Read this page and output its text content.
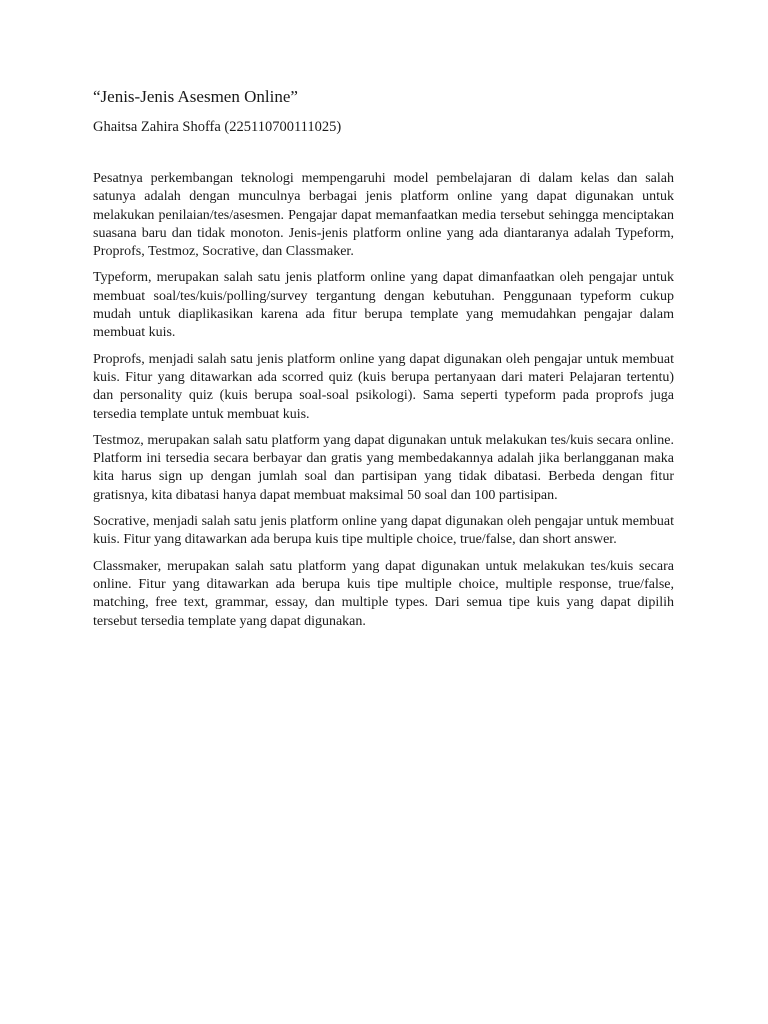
“Jenis-Jenis Asesmen Online”
Ghaitsa Zahira Shoffa (225110700111025)

Pesatnya perkembangan teknologi mempengaruhi model pembelajaran di dalam kelas dan salah satunya adalah dengan munculnya berbagai jenis platform online yang dapat digunakan untuk melakukan penilaian/tes/asesmen. Pengajar dapat memanfaatkan media tersebut sehingga menciptakan suasana baru dan tidak monoton. Jenis-jenis platform online yang ada diantaranya adalah Typeform, Proprofs, Testmoz, Socrative, dan Classmaker.

Typeform, merupakan salah satu jenis platform online yang dapat dimanfaatkan oleh pengajar untuk membuat soal/tes/kuis/polling/survey tergantung dengan kebutuhan. Penggunaan typeform cukup mudah untuk diaplikasikan karena ada fitur berupa template yang memudahkan pengajar dalam membuat kuis.

Proprofs, menjadi salah satu jenis platform online yang dapat digunakan oleh pengajar untuk membuat kuis. Fitur yang ditawarkan ada scorred quiz (kuis berupa pertanyaan dari materi Pelajaran tertentu) dan personality quiz (kuis berupa soal-soal psikologi). Sama seperti typeform pada proprofs juga tersedia template untuk membuat kuis.

Testmoz, merupakan salah satu platform yang dapat digunakan untuk melakukan tes/kuis secara online. Platform ini tersedia secara berbayar dan gratis yang membedakannya adalah jika berlangganan maka kita harus sign up dengan jumlah soal dan partisipan yang tidak dibatasi. Berbeda dengan fitur gratisnya, kita dibatasi hanya dapat membuat maksimal 50 soal dan 100 partisipan.

Socrative, menjadi salah satu jenis platform online yang dapat digunakan oleh pengajar untuk membuat kuis. Fitur yang ditawarkan ada berupa kuis tipe multiple choice, true/false, dan short answer.

Classmaker, merupakan salah satu platform yang dapat digunakan untuk melakukan tes/kuis secara online. Fitur yang ditawarkan ada berupa kuis tipe multiple choice, multiple response, true/false, matching, free text, grammar, essay, dan multiple types. Dari semua tipe kuis yang dapat dipilih tersebut tersedia template yang dapat digunakan.
